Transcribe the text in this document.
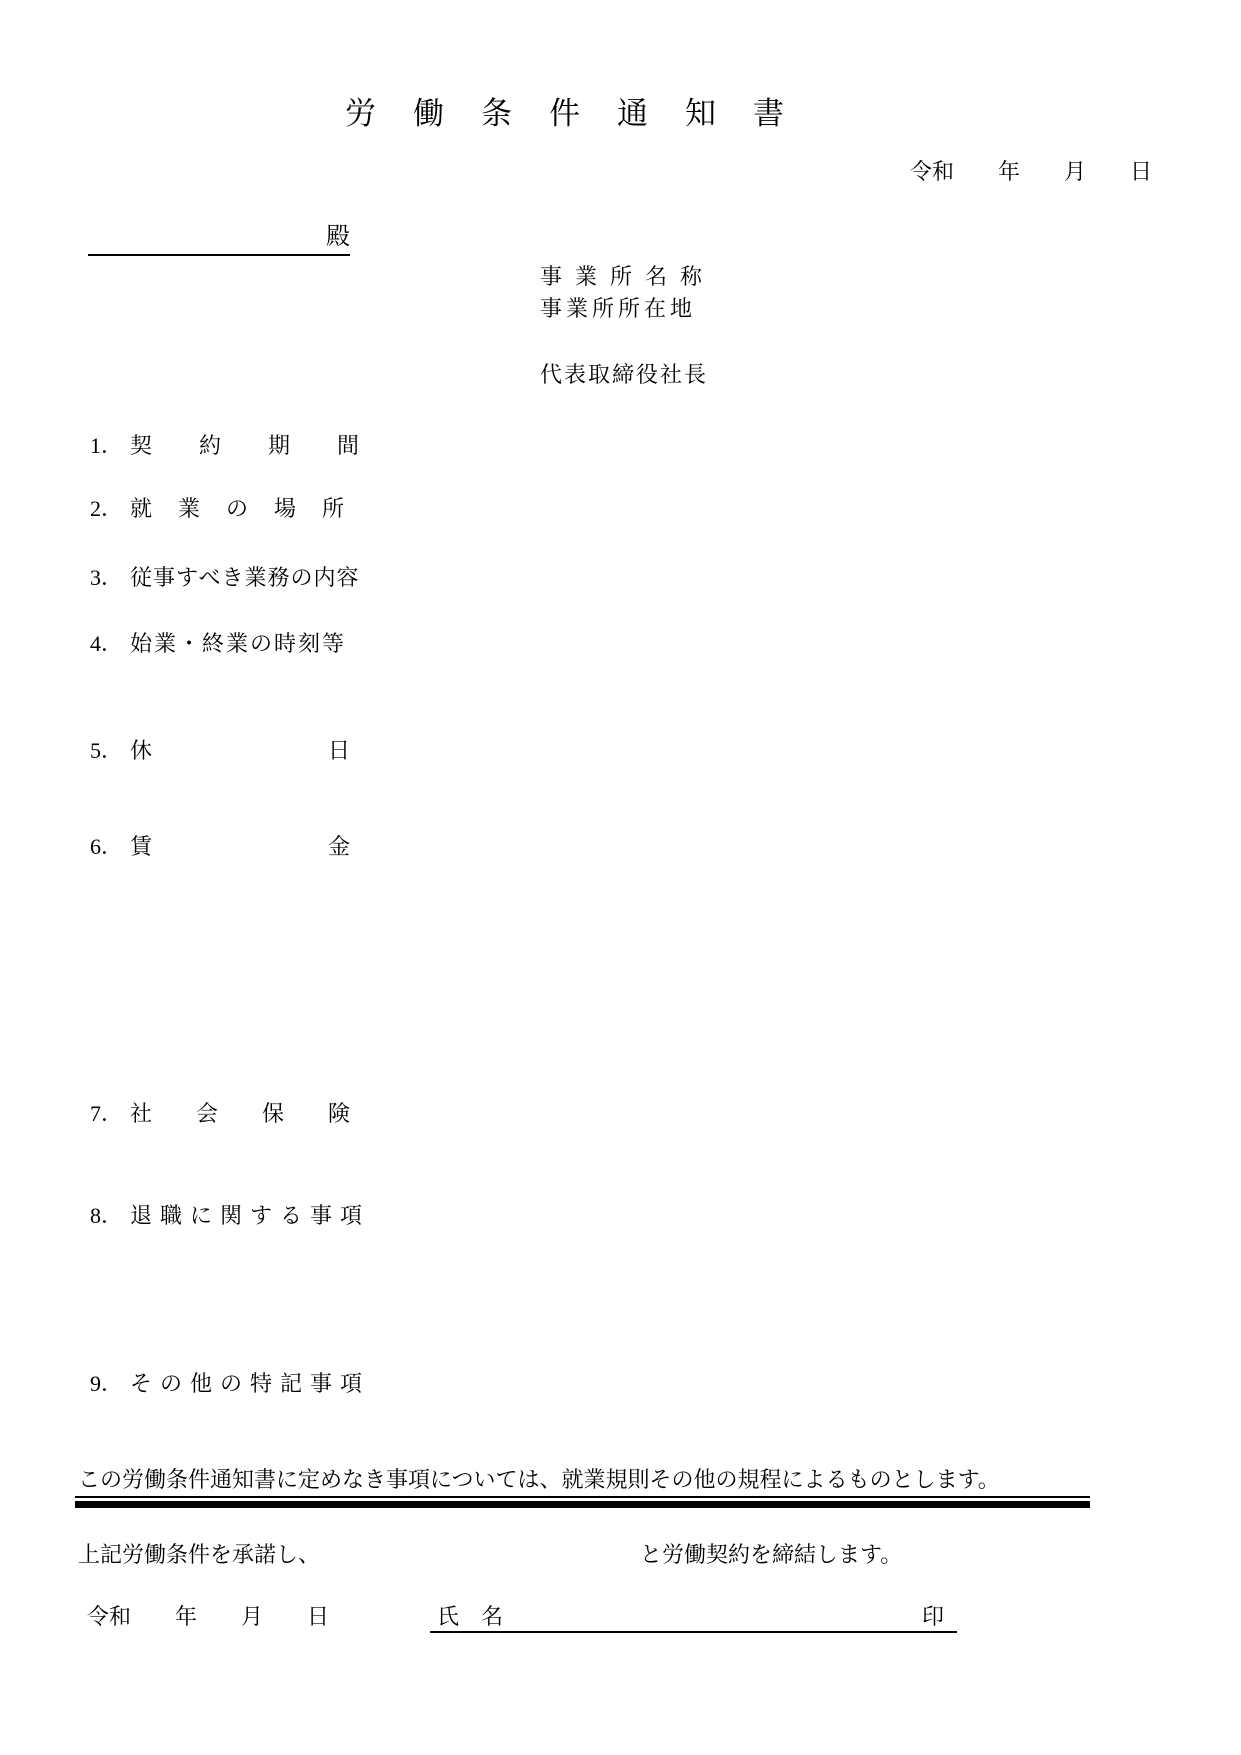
労　働　条　件　通　知　書
令和　　年　　月　　日
殿
事業所名称
事業所所在地
代表取締役社長
1． 契　　約　　期　　間
2． 就　業　の　場　所
3． 従事すべき業務の内容
4． 始業・終業の時刻等
5． 休　　　　　　　　日
6． 賃　　　　　　　　金
7． 社　　会　　保　　険
8． 退職に関する事項
9． その他の特記事項
この労働条件通知書に定めなき事項については、就業規則その他の規程によるものとします。
上記労働条件を承諾し、	と労働契約を締結します。
令和　　年　　月　　日	氏　名	印
